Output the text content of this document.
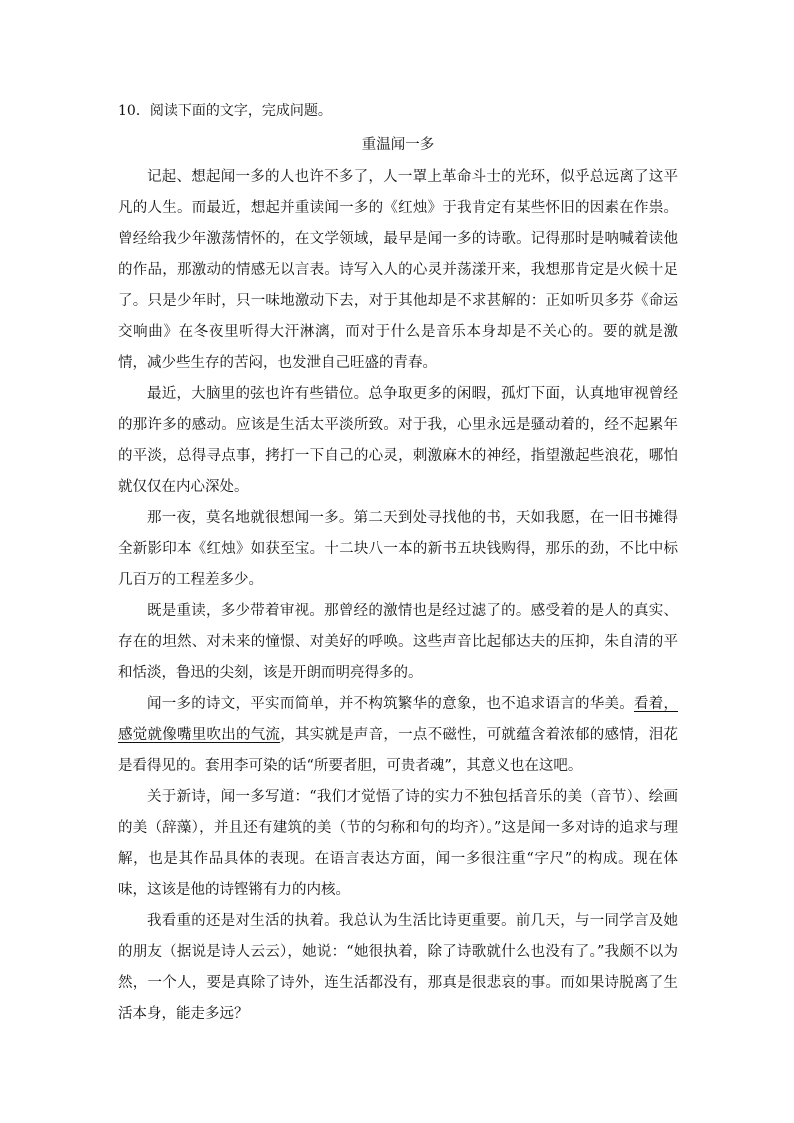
10．阅读下面的文字，完成问题。
重温闻一多

记起、想起闻一多的人也许不多了，人一罩上革命斗士的光环，似乎总远离了这平凡的人生。而最近，想起并重读闻一多的《红烛》于我肯定有某些怀旧的因素在作祟。曾经给我少年激荡情怀的，在文学领域，最早是闻一多的诗歌。记得那时是呐喊着读他的作品，那激动的情感无以言表。诗写入人的心灵并荡漾开来，我想那肯定是火候十足了。只是少年时，只一味地激动下去，对于其他却是不求甚解的：正如听贝多芬《命运交响曲》在冬夜里听得大汗淋漓，而对于什么是音乐本身却是不关心的。要的就是激情，减少些生存的苦闷，也发泄自己旺盛的青春。

最近，大脑里的弦也许有些错位。总争取更多的闲暇，孤灯下面，认真地审视曾经的那许多的感动。应该是生活太平淡所致。对于我，心里永远是骚动着的，经不起累年的平淡，总得寻点事，拷打一下自己的心灵，刺激麻木的神经，指望激起些浪花，哪怕就仅仅在内心深处。

那一夜，莫名地就很想闻一多。第二天到处寻找他的书，天如我愿，在一旧书摊得全新影印本《红烛》如获至宝。十二块八一本的新书五块钱购得，那乐的劲，不比中标几百万的工程差多少。

既是重读，多少带着审视。那曾经的激情也是经过滤了的。感受着的是人的真实、存在的坦然、对未来的憧憬、对美好的呼唤。这些声音比起郁达夫的压抑，朱自清的平和恬淡，鲁迅的尖刻，该是开朗而明亮得多的。

闻一多的诗文，平实而简单，并不构筑繁华的意象，也不追求语言的华美。看着，感觉就像嘴里吹出的气流，其实就是声音，一点不磁性，可就蕴含着浓郁的感情，泪花是看得见的。套用李可染的话“所要者胆，可贵者魂”，其意义也在这吧。

关于新诗，闻一多写道：“我们才觉悟了诗的实力不独包括音乐的美（音节）、绘画的美（辞藻），并且还有建筑的美（节的匀称和句的均齐）。”这是闻一多对诗的追求与理解，也是其作品具体的表现。在语言表达方面，闻一多很注重“字尺”的构成。现在体味，这该是他的诗铿锵有力的内核。

我看重的还是对生活的执着。我总认为生活比诗更重要。前几天，与一同学言及她的朋友（据说是诗人云云），她说：“她很执着，除了诗歌就什么也没有了。”我颇不以为然，一个人，要是真除了诗外，连生活都没有，那真是很悲哀的事。而如果诗脱离了生活本身，能走多远？
